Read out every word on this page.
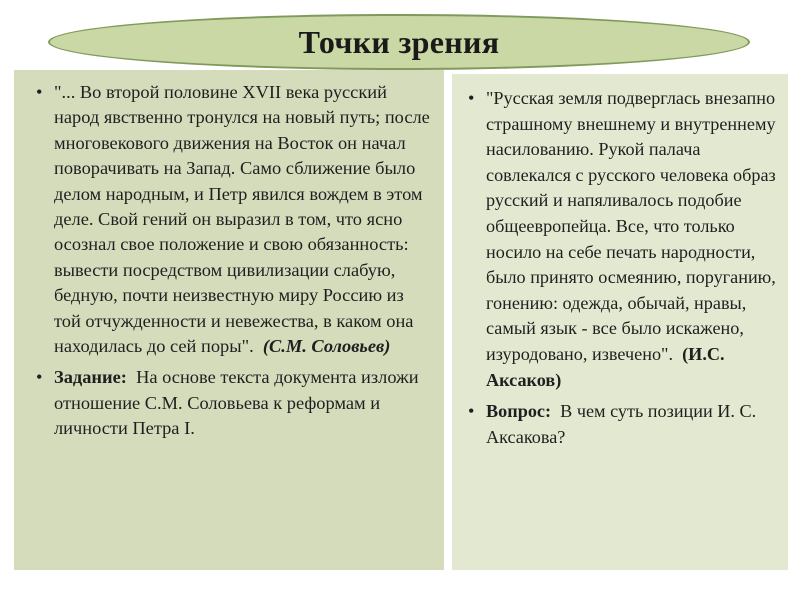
Точки зрения
• "... Во второй половине XVII века русский народ явственно тронулся на новый путь; после многовекового движения на Восток он начал поворачивать на Запад. Само сближение было делом народным, и Петр явился вождем в этом деле. Свой гений он выразил в том, что ясно осознал свое положение и свою обязанность: вывести посредством цивилизации слабую, бедную, почти неизвестную миру Россию из той отчужденности и невежества, в каком она находилась до сей поры".  (С.М. Соловьев)
• Задание:  На основе текста документа изложи отношение С.М. Соловьева к реформам и личности Петра I.
• "Русская земля подверглась внезапно страшному внешнему и внутреннему насилованию. Рукой палача совлекался с русского человека образ русский и напяливалось подобие общеевропейца. Все, что только носило на себе печать народности, было принято осмеянию, поруганию, гонению: одежда, обычай, нравы, самый язык - все было искажено, изуродовано, извечено".  (И.С. Аксаков)
• Вопрос:  В чем суть позиции И. С. Аксакова?
